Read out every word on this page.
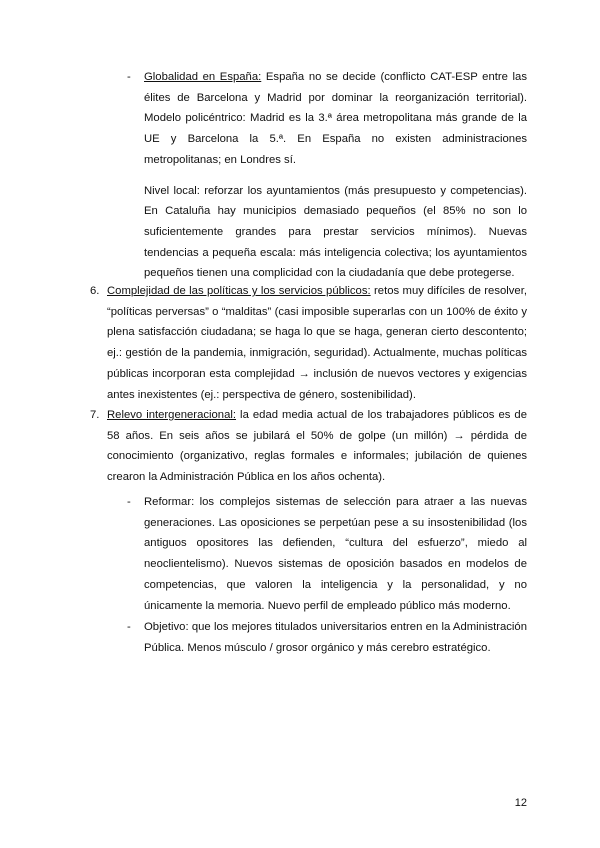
- Globalidad en España: España no se decide (conflicto CAT-ESP entre las élites de Barcelona y Madrid por dominar la reorganización territorial). Modelo policéntrico: Madrid es la 3.ª área metropolitana más grande de la UE y Barcelona la 5.ª. En España no existen administraciones metropolitanas; en Londres sí.

Nivel local: reforzar los ayuntamientos (más presupuesto y competencias). En Cataluña hay municipios demasiado pequeños (el 85% no son lo suficientemente grandes para prestar servicios mínimos). Nuevas tendencias a pequeña escala: más inteligencia colectiva; los ayuntamientos pequeños tienen una complicidad con la ciudadanía que debe protegerse.

6. Complejidad de las políticas y los servicios públicos: retos muy difíciles de resolver, “políticas perversas” o “malditas” (casi imposible superarlas con un 100% de éxito y plena satisfacción ciudadana; se haga lo que se haga, generan cierto descontento; ej.: gestión de la pandemia, inmigración, seguridad). Actualmente, muchas políticas públicas incorporan esta complejidad → inclusión de nuevos vectores y exigencias antes inexistentes (ej.: perspectiva de género, sostenibilidad).

7. Relevo intergeneracional: la edad media actual de los trabajadores públicos es de 58 años. En seis años se jubilará el 50% de golpe (un millón) → pérdida de conocimiento (organizativo, reglas formales e informales; jubilación de quienes crearon la Administración Pública en los años ochenta).

- Reformar: los complejos sistemas de selección para atraer a las nuevas generaciones. Las oposiciones se perpetúan pese a su insostenibilidad (los antiguos opositores las defienden, “cultura del esfuerzo”, miedo al neoclientelismo). Nuevos sistemas de oposición basados en modelos de competencias, que valoren la inteligencia y la personalidad, y no únicamente la memoria. Nuevo perfil de empleado público más moderno.

- Objetivo: que los mejores titulados universitarios entren en la Administración Pública. Menos músculo / grosor orgánico y más cerebro estratégico.

12
